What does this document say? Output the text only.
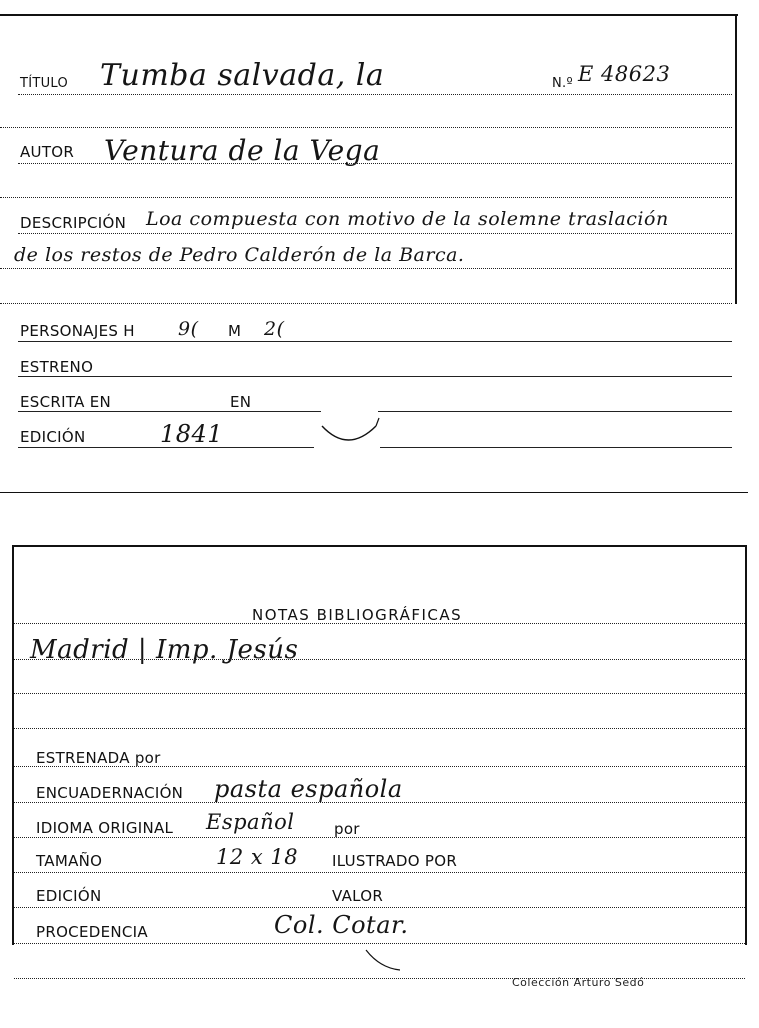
TÍTULO Tumba salvada, la	N.º E 48623
AUTOR Ventura de la Vega
DESCRIPCIÓN Loa compuesta con motivo de la solemne traslación
de los restos de Pedro Calderón de la Barca.
PERSONAJES H 9( M 2(
ESTRENO
ESCRITA EN	EN
EDICIÓN	1841
NOTAS BIBLIOGRÁFICAS
Madrid | Imp. Jesús
ESTRENADA por
ENCUADERNACIÓN pasta española
IDIOMA ORIGINAL Español	por
TAMAÑO	12 x 18 ILUSTRADO POR
EDICIÓN	VALOR
PROCEDENCIA	Col. Cotar.
Colección Arturo Sedó
